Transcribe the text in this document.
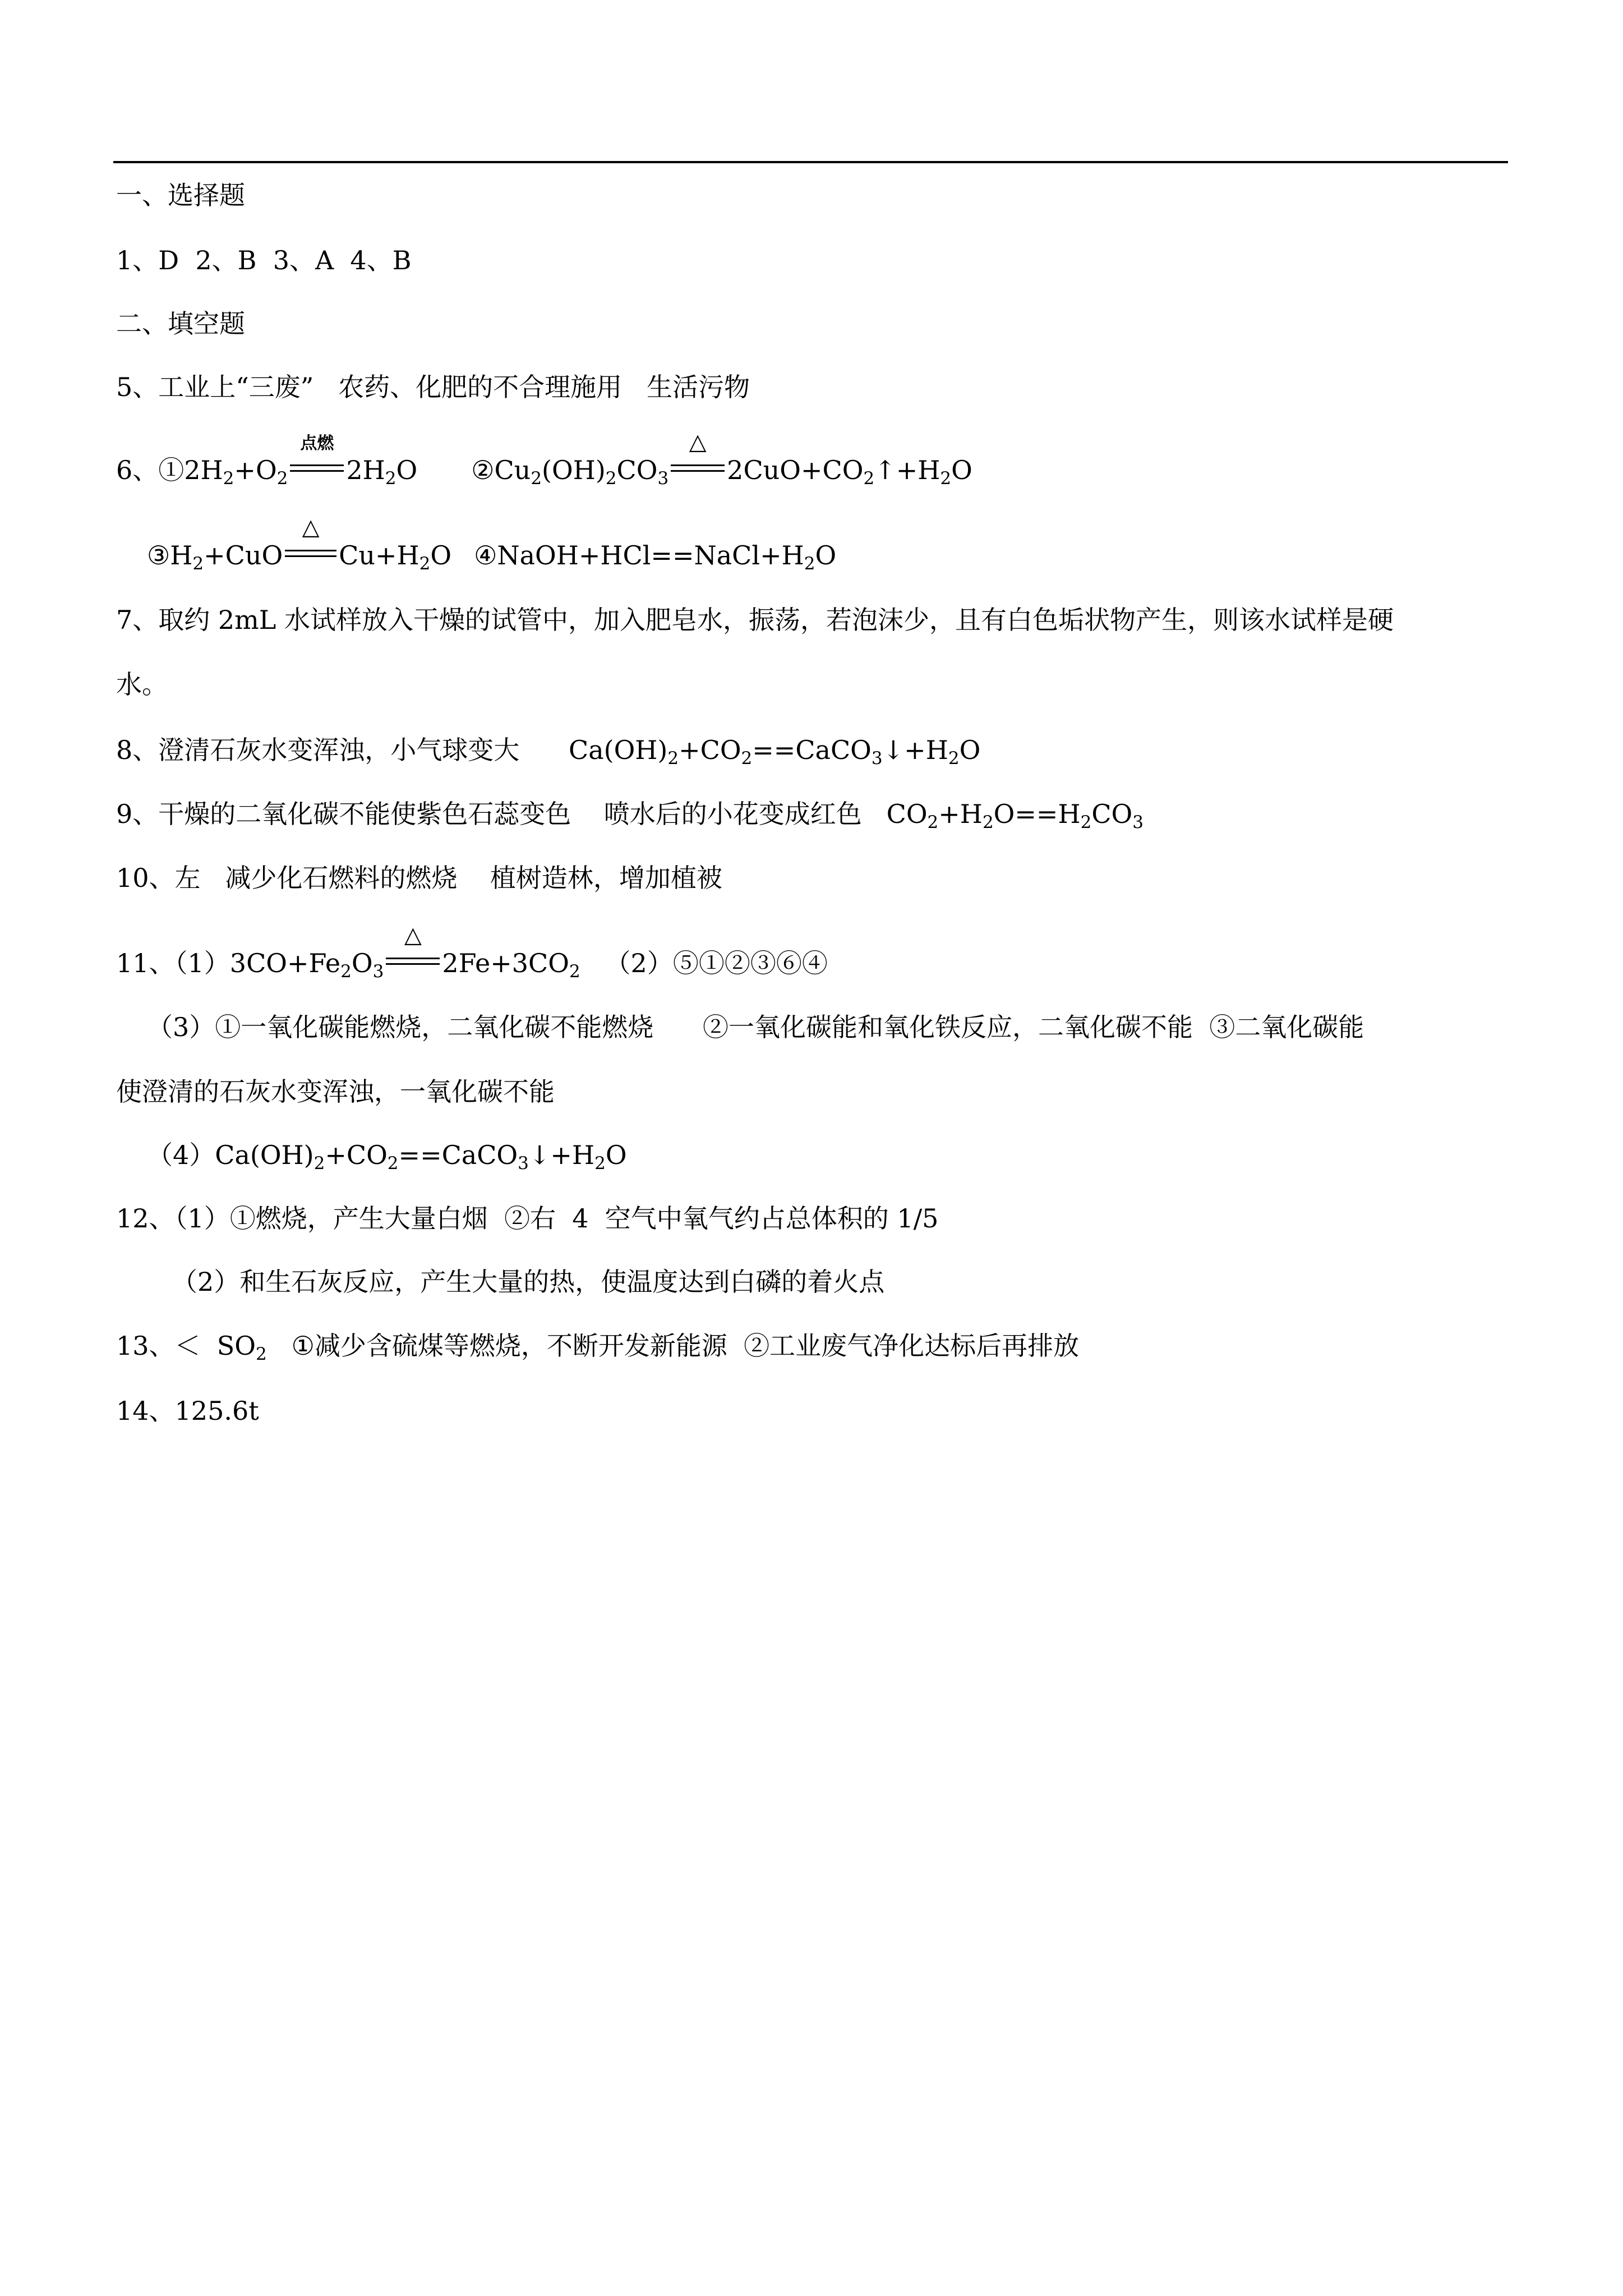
一、选择题
1、D  2、B  3、A  4、B
二、填空题
5、工业上“三废”   农药、化肥的不合理施用   生活污物
6、$①2H_2+O_2$
点燃
$2H_2O$ $②Cu_2(OH)_2CO_3$
△
$2CuO+CO_2↑+H_2O$
$③H_2+CuO$
△
$Cu+H_2O$ $④NaOH+HCl==NaCl+H_2O$
7、取约 2mL 水试样放入干燥的试管中，加入肥皂水，振荡，若泡沫少，且有白色垢状物产生，则该水试样是硬
水。
8、澄清石灰水变浑浊，小气球变大      $Ca(OH)_2+CO_2==CaCO_3↓+H_2O$
9、干燥的二氧化碳不能使紫色石蕊变色    喷水后的小花变成红色   $CO_2+H_2O==H_2CO_3$
10、左   减少化石燃料的燃烧    植树造林，增加植被
11、$(1)3CO+Fe_2O_3$
△
$2Fe+3CO_2$   （2）⑤①②③⑥④
（3）①一氧化碳能燃烧，二氧化碳不能燃烧      ②一氧化碳能和氧化铁反应，二氧化碳不能  ③二氧化碳能
使澄清的石灰水变浑浊，一氧化碳不能
$(4)Ca(OH)_2+CO_2==CaCO_3↓+H_2O$
12、（1）①燃烧，产生大量白烟  ②右  4  空气中氧气约占总体积的 1/5
（2）和生石灰反应，产生大量的热，使温度达到白磷的着火点
13、＜  $SO_2$   ①减少含硫煤等燃烧，不断开发新能源  ②工业废气净化达标后再排放
14、125.6t
